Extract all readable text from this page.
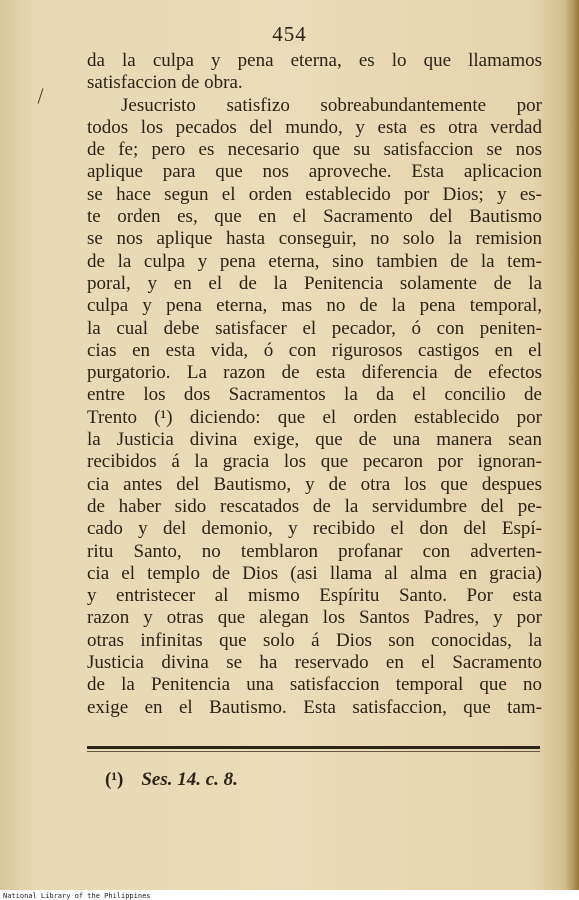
454
da la culpa y pena eterna, es lo que llamamos
satisfaccion de obra.
Jesucristo satisfizo sobreabundantemente por
todos los pecados del mundo, y esta es otra verdad
de fe; pero es necesario que su satisfaccion se nos
aplique para que nos aproveche. Esta aplicacion
se hace segun el orden establecido por Dios; y es-
te orden es, que en el Sacramento del Bautismo
se nos aplique hasta conseguir, no solo la remision
de la culpa y pena eterna, sino tambien de la tem-
poral, y en el de la Penitencia solamente de la
culpa y pena eterna, mas no de la pena temporal,
la cual debe satisfacer el pecador, ó con peniten-
cias en esta vida, ó con rigurosos castigos en el
purgatorio. La razon de esta diferencia de efectos
entre los dos Sacramentos la da el concilio de
Trento (¹) diciendo: que el orden establecido por
la Justicia divina exige, que de una manera sean
recibidos á la gracia los que pecaron por ignoran-
cia antes del Bautismo, y de otra los que despues
de haber sido rescatados de la servidumbre del pe-
cado y del demonio, y recibido el don del Espí-
ritu Santo, no temblaron profanar con adverten-
cia el templo de Dios (asi llama al alma en gracia)
y entristecer al mismo Espíritu Santo. Por esta
razon y otras que alegan los Santos Padres, y por
otras infinitas que solo á Dios son conocidas, la
Justicia divina se ha reservado en el Sacramento
de la Penitencia una satisfaccion temporal que no
exige en el Bautismo. Esta satisfaccion, que tam-
(¹) Ses. 14. c. 8.
National Library of the Philippines
